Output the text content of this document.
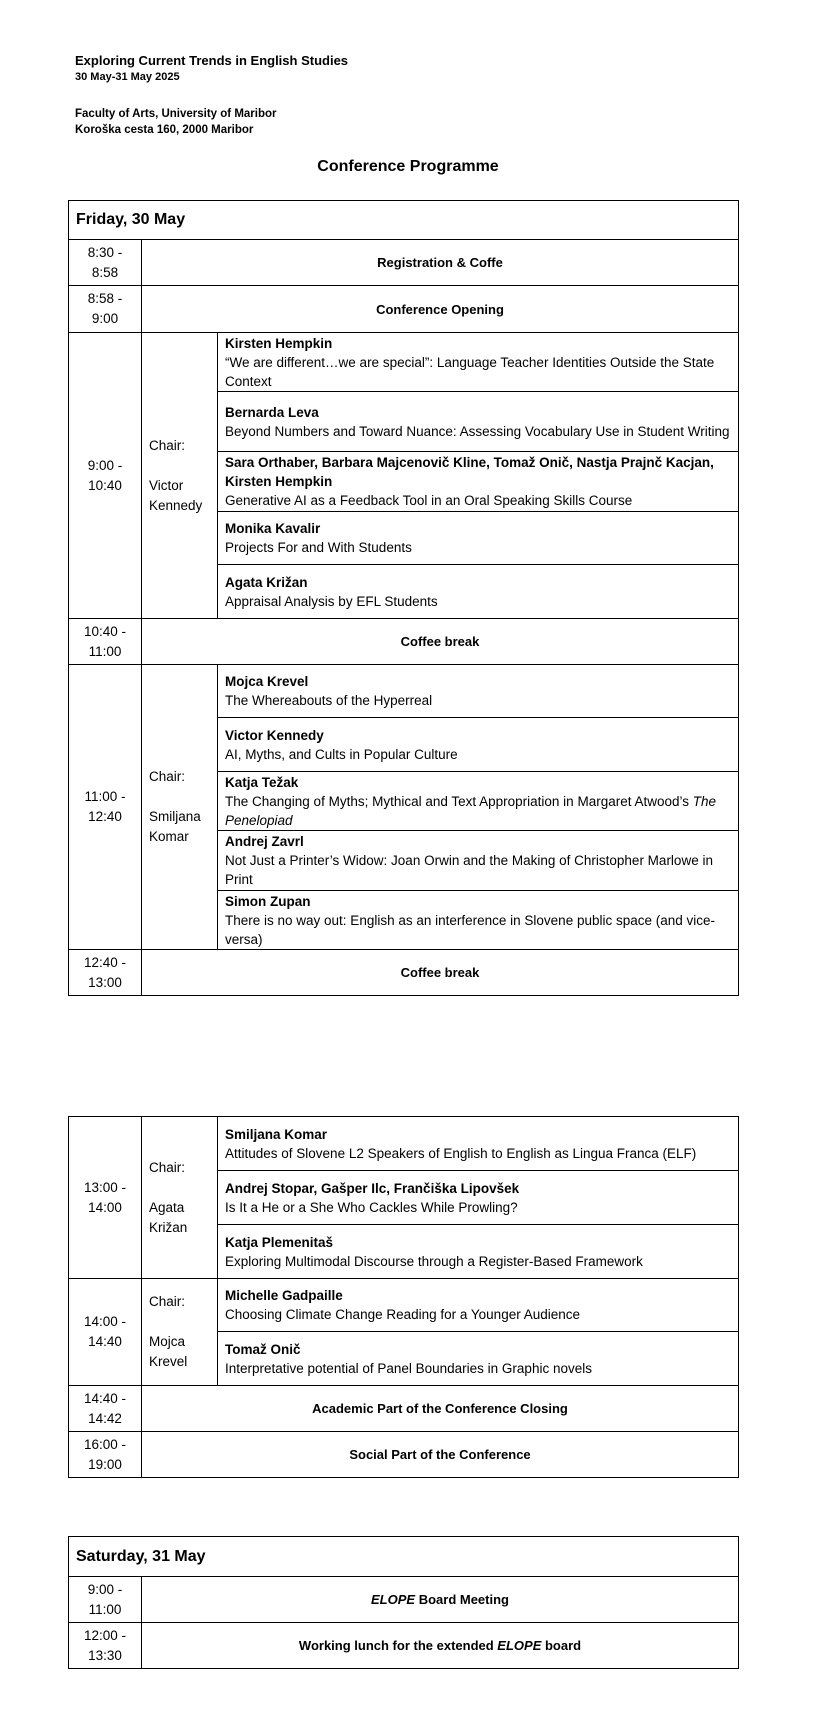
Exploring Current Trends in English Studies
30 May-31 May 2025
Faculty of Arts, University of Maribor
Koroška cesta 160, 2000 Maribor
Conference Programme
Friday, 30 May		
8:30 -
8:58	Registration & Coffe	
8:58 -
9:00	Conference Opening	
9:00 -
10:40	Chair:

Victor
Kennedy	Kirsten Hempkin
“We are different…we are special”: Language Teacher Identities Outside the State Context

		Bernarda Leva
Beyond Numbers and Toward Nuance: Assessing Vocabulary Use in Student Writing

		Sara Orthaber, Barbara Majcenovič Kline, Tomaž Onič, Nastja Prajnč Kacjan, Kirsten Hempkin
Generative AI as a Feedback Tool in an Oral Speaking Skills Course

		Monika Kavalir
Projects For and With Students

		Agata Križan
Appraisal Analysis by EFL Students

10:40 -
11:00	Coffee break	
11:00 -
12:40	Chair:

Smiljana
Komar	Mojca Krevel
The Whereabouts of the Hyperreal

		Victor Kennedy
AI, Myths, and Cults in Popular Culture

		Katja Težak
The Changing of Myths; Mythical and Text Appropriation in Margaret Atwood’s The Penelopiad

		Andrej Zavrl
Not Just a Printer’s Widow: Joan Orwin and the Making of Christopher Marlowe in Print

		Simon Zupan
There is no way out: English as an interference in Slovene public space (and vice-versa)

12:40 -
13:00	Coffee break	
13:00 -
14:00	Chair:

Agata
Križan	Smiljana Komar
Attitudes of Slovene L2 Speakers of English to English as Lingua Franca (ELF)

		Andrej Stopar, Gašper Ilc, Frančiška Lipovšek
Is It a He or a She Who Cackles While Prowling?

		Katja Plemenitaš
Exploring Multimodal Discourse through a Register-Based Framework

14:00 -
14:40	Chair:

Mojca
Krevel	Michelle Gadpaille
Choosing Climate Change Reading for a Younger Audience

		Tomaž Onič
Interpretative potential of Panel Boundaries in Graphic novels

14:40 -
14:42	Academic Part of the Conference Closing	
16:00 -
19:00	Social Part of the Conference	
Saturday, 31 May	
9:00 -
11:00	ELOPE Board Meeting
12:00 -
13:30	Working lunch for the extended ELOPE board
